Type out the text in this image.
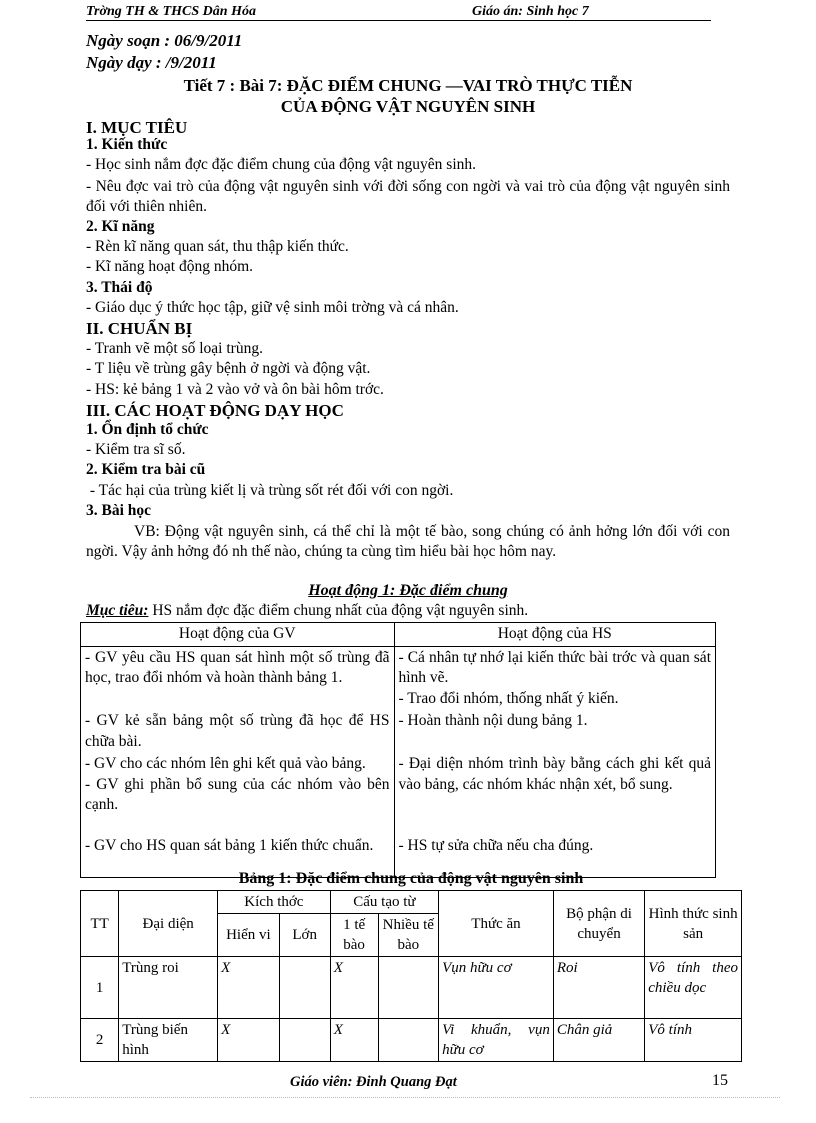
Trờng TH & THCS Dân Hóa	Giáo án: Sinh học 7
Ngày soạn : 06/9/2011
Ngày dạy : /9/2011
Tiết 7 : Bài 7: ĐẶC ĐIỂM CHUNG —VAI TRÒ THỰC TIỄN
CỦA ĐỘNG VẬT NGUYÊN SINH
I. MỤC TIÊU
1. Kiến thức
- Học sinh nắm đợc đặc điểm chung của động vật nguyên sinh.
- Nêu đợc vai trò của động vật nguyên sinh với đời sống con ngời và vai trò của động vật nguyên sinh đối với thiên nhiên.
2. Kĩ năng
- Rèn kĩ năng quan sát, thu thập kiến thức.
- Kĩ năng hoạt động nhóm.
3. Thái độ
- Giáo dục ý thức học tập, giữ vệ sinh môi trờng và cá nhân.
II. CHUẨN BỊ
- Tranh vẽ một số loại trùng.
- T liệu về trùng gây bệnh ở ngời và động vật.
- HS: kẻ bảng 1 và 2 vào vở và ôn bài hôm trớc.
III. CÁC HOẠT ĐỘNG DẠY HỌC
1. Ổn định tổ chức
- Kiểm tra sĩ số.
2. Kiểm tra bài cũ
- Tác hại của trùng kiết lị và trùng sốt rét đối với con ngời.
3. Bài học
VB: Động vật nguyên sinh, cá thể chỉ là một tế bào, song chúng có ảnh hởng lớn đối với con ngời. Vậy ảnh hởng đó nh thế nào, chúng ta cùng tìm hiểu bài học hôm nay.
Hoạt động 1: Đặc điểm chung
Mục tiêu: HS nắm đợc đặc điểm chung nhất của động vật nguyên sinh.
Hoạt động của GV	Hoạt động của HS
- GV yêu cầu HS quan sát hình một số trùng đã học, trao đổi nhóm và hoàn thành bảng 1.	- Cá nhân tự nhớ lại kiến thức bài trớc và quan sát hình vẽ.
- Trao đổi nhóm, thống nhất ý kiến.
- GV kẻ sẵn bảng một số trùng đã học để HS chữa bài.	- Hoàn thành nội dung bảng 1.
- GV cho các nhóm lên ghi kết quả vào bảng.
- GV ghi phần bổ sung của các nhóm vào bên cạnh.	- Đại diện nhóm trình bày bằng cách ghi kết quả vào bảng, các nhóm khác nhận xét, bổ sung.
- GV cho HS quan sát bảng 1 kiến thức chuẩn.	- HS tự sửa chữa nếu cha đúng.
Bảng 1: Đặc điểm chung của động vật nguyên sinh
TT	Đại diện	Kích thớc		Cấu tạo từ		Thức ăn	Bộ phận di chuyển	Hình thức sinh sản
		Hiển vi	Lớn	1 tế bào	Nhiều tế bào			
1	Trùng roi	X		X		Vụn hữu cơ	Roi	Vô tính theo chiều dọc
2	Trùng biến hình	X		X		Vi khuẩn, vụn hữu cơ	Chân giả	Vô tính
Giáo viên: Đinh Quang Đạt	15
